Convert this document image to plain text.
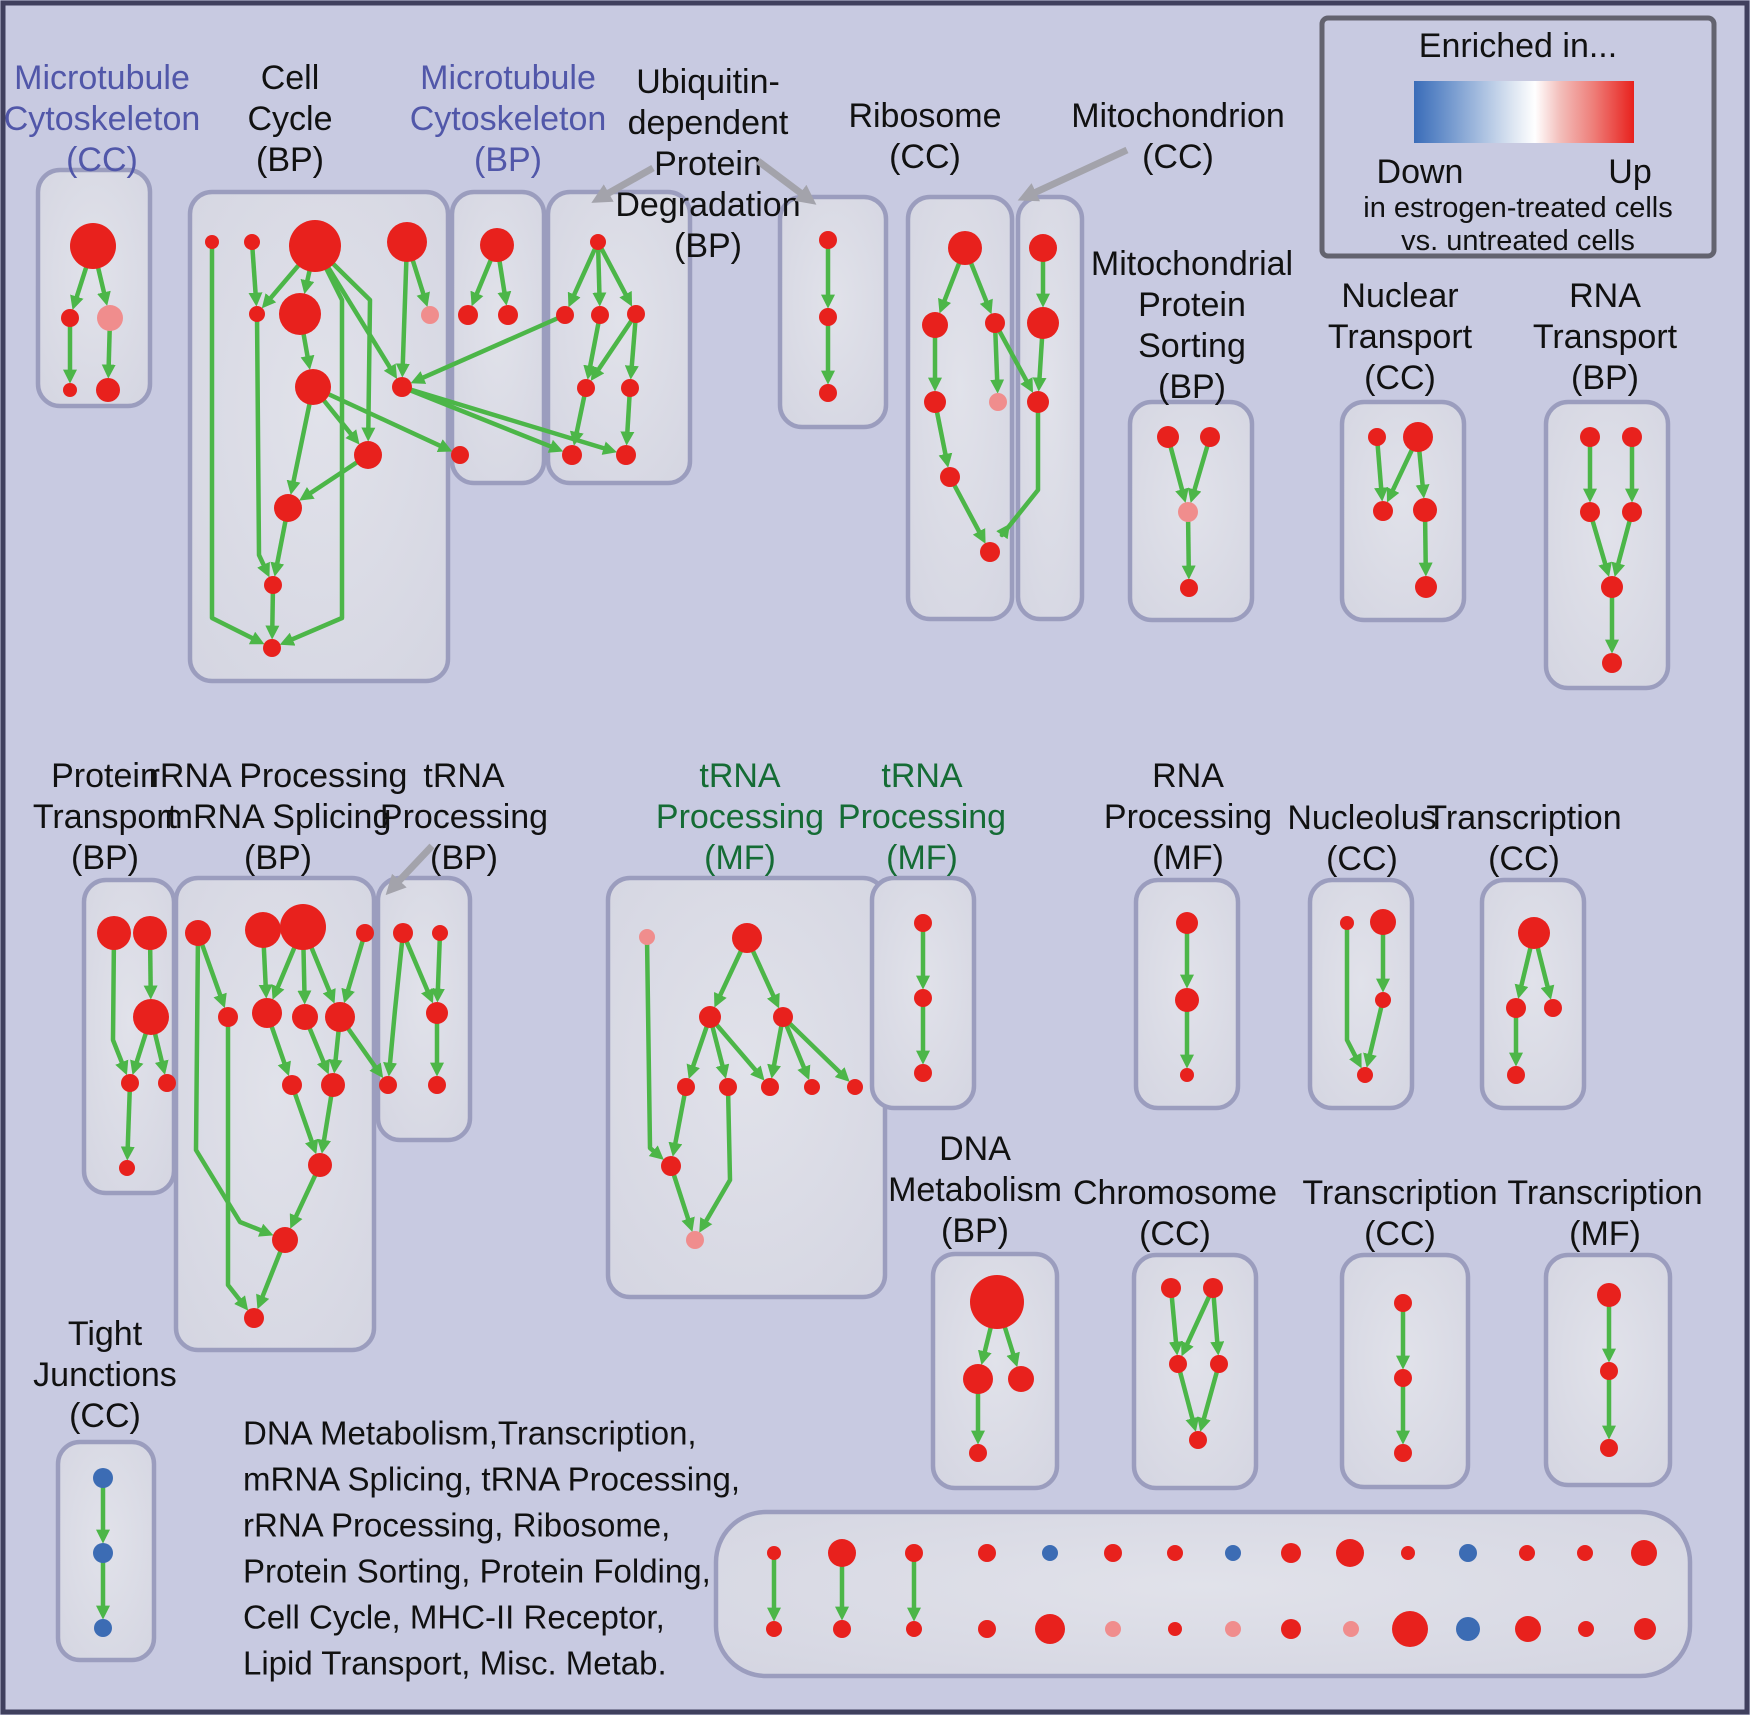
Microtubule Cytoskeleton (CC)
Cell Cycle (BP)
Microtubule Cytoskeleton (BP)
Ubiquitin-dependent Protein Degradation (BP)
Ribosome (CC)
Mitochondrion (CC)
Mitochondrial Protein Sorting (BP)
Nuclear Transport (CC)
RNA Transport (BP)
Protein Transport (BP)
rRNA Processing mRNA Splicing (BP)
tRNA Processing (BP)
tRNA Processing (MF)
tRNA Processing (MF)
RNA Processing (MF)
Nucleolus (CC)
Transcription (CC)
Tight Junctions (CC)
DNA Metabolism (BP)
Chromosome (CC)
Transcription (CC)
Transcription (MF)
Enriched in...
Down	Up
in estrogen-treated cells
vs. untreated cells
DNA Metabolism,Transcription, mRNA Splicing, tRNA Processing, rRNA Processing, Ribosome, Protein Sorting, Protein Folding, Cell Cycle, MHC-II Receptor, Lipid Transport, Misc. Metab.
